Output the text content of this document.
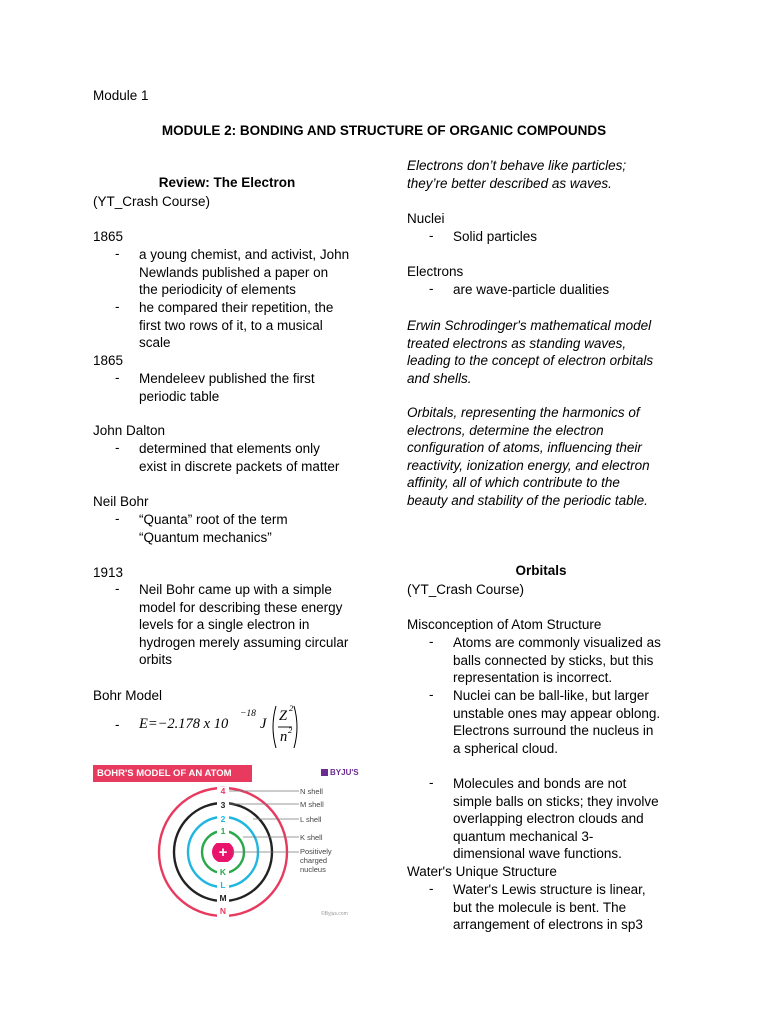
Module 1
MODULE 2: BONDING AND STRUCTURE OF ORGANIC COMPOUNDS
Review: The Electron
(YT_Crash Course)
1865
- a young chemist, and activist, John
Newlands published a paper on
the periodicity of elements
- he compared their repetition, the
first two rows of it, to a musical
scale
1865
- Mendeleev published the first
periodic table
John Dalton
- determined that elements only
exist in discrete packets of matter
Neil Bohr
- “Quanta” root of the term
“Quantum mechanics”
1913
- Neil Bohr came up with a simple
model for describing these energy
levels for a single electron in
hydrogen merely assuming circular
orbits
Bohr Model
- E=−2.178 x 10
−18
J Z 2
n 2
BOHR'S MODEL OF AN ATOM	BYJU'S
4
3
2
1
K
L
M
N
+
N shell
M shell
L shell
K shell
Positively
charged
nucleus
©Byjus.com
Electrons don’t behave like particles;
they’re better described as waves.
Nuclei
- Solid particles
Electrons
- are wave-particle dualities
Erwin Schrodinger's mathematical model
treated electrons as standing waves,
leading to the concept of electron orbitals
and shells.
Orbitals, representing the harmonics of
electrons, determine the electron
configuration of atoms, influencing their
reactivity, ionization energy, and electron
affinity, all of which contribute to the
beauty and stability of the periodic table.
Orbitals
(YT_Crash Course)
Misconception of Atom Structure
- Atoms are commonly visualized as
balls connected by sticks, but this
representation is incorrect.
- Nuclei can be ball-like, but larger
unstable ones may appear oblong.
Electrons surround the nucleus in
a spherical cloud.
- Molecules and bonds are not
simple balls on sticks; they involve
overlapping electron clouds and
quantum mechanical 3-
dimensional wave functions.
Water's Unique Structure
- Water's Lewis structure is linear,
but the molecule is bent. The
arrangement of electrons in sp3
